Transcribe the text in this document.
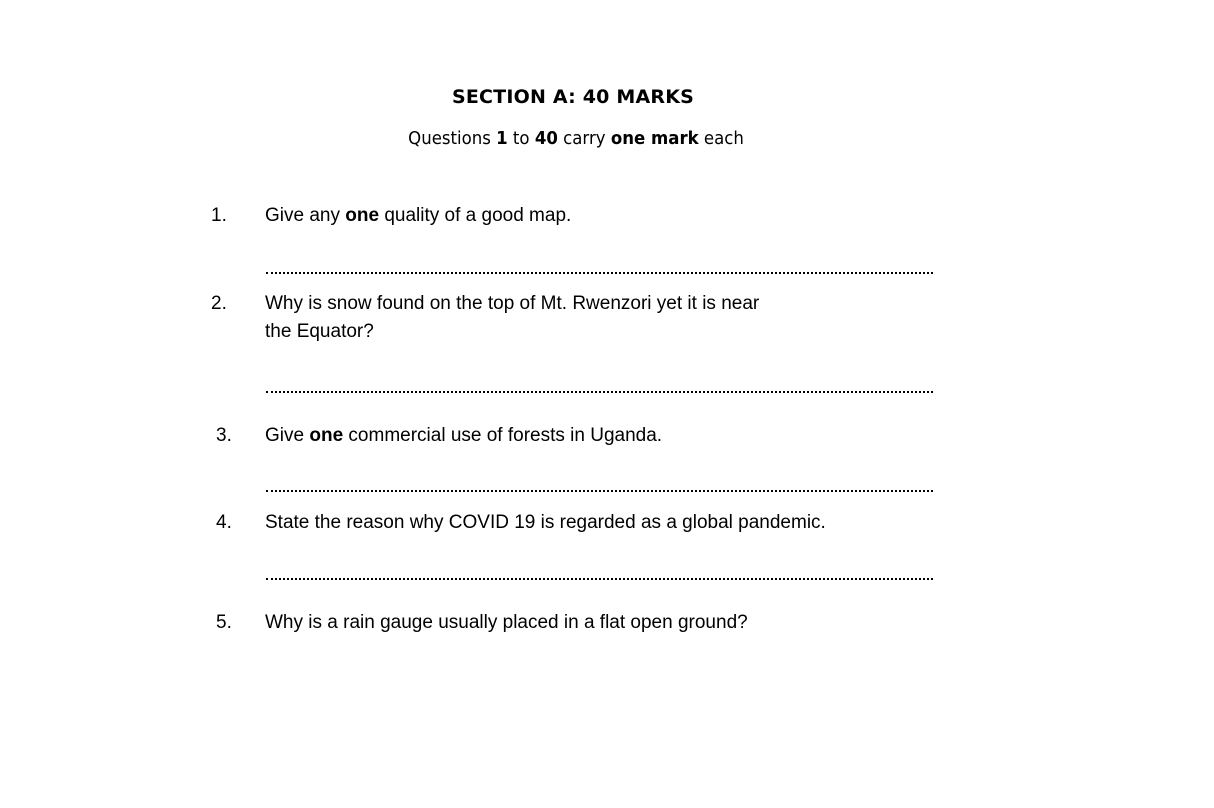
SECTION A: 40 MARKS
Questions 1 to 40 carry one mark each
1.	Give any one quality of a good map.
2.	Why is snow found on the top of Mt. Rwenzori yet it is near
the Equator?
3.	Give one commercial use of forests in Uganda.
4.	State the reason why COVID 19 is regarded as a global pandemic.
5.	Why is a rain gauge usually placed in a flat open ground?
